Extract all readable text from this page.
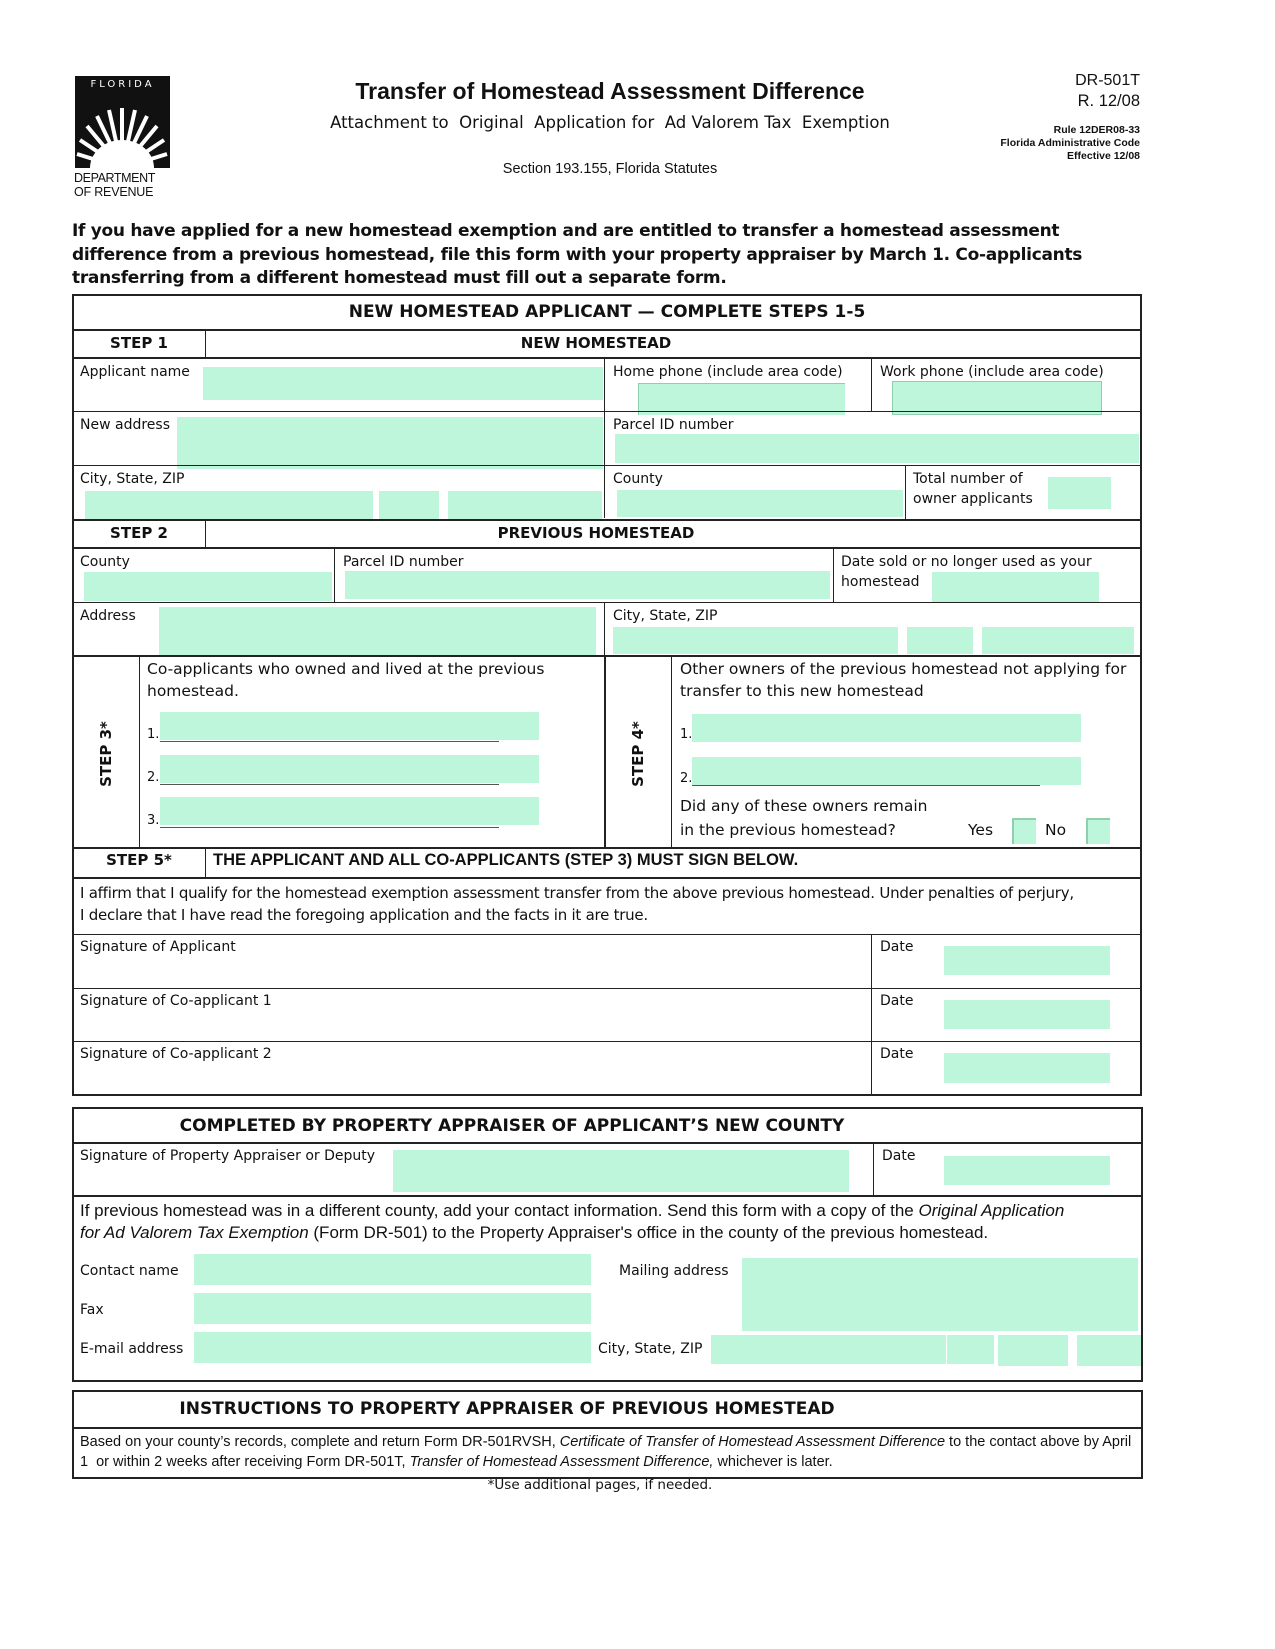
FLORIDA
DEPARTMENT
OF REVENUE
Transfer of Homestead Assessment Difference
Attachment to  Original  Application for  Ad Valorem Tax  Exemption
Section 193.155, Florida Statutes
DR-501T
R. 12/08
Rule 12DER08-33
Florida Administrative Code
Effective 12/08
If you have applied for a new homestead exemption and are entitled to transfer a homestead assessment
difference from a previous homestead, file this form with your property appraiser by March 1. Co-applicants
transferring from a different homestead must fill out a separate form.
NEW HOMESTEAD APPLICANT — COMPLETE STEPS 1-5
STEP 1	NEW HOMESTEAD
Applicant name	Home phone (include area code)	Work phone (include area code)
New address	Parcel ID number
City, State, ZIP	County	Total number of
owner applicants
STEP 2	PREVIOUS HOMESTEAD
County	Parcel ID number	Date sold or no longer used as your
homestead
Address	City, State, ZIP
STEP 3*
Co-applicants who owned and lived at the previous
homestead.
1.
2.
3.
STEP 4*
Other owners of the previous homestead not applying for
transfer to this new homestead
1.
2.
Did any of these owners remain
in the previous homestead?	Yes	No
STEP 5*	THE APPLICANT AND ALL CO-APPLICANTS (STEP 3) MUST SIGN BELOW.
I affirm that I qualify for the homestead exemption assessment transfer from the above previous homestead. Under penalties of perjury,
I declare that I have read the foregoing application and the facts in it are true.
Signature of Applicant	Date
Signature of Co-applicant 1	Date
Signature of Co-applicant 2	Date
COMPLETED BY PROPERTY APPRAISER OF APPLICANT’S NEW COUNTY
Signature of Property Appraiser or Deputy	Date
If previous homestead was in a different county, add your contact information. Send this form with a copy of the Original Application
for Ad Valorem Tax Exemption (Form DR-501) to the Property Appraiser's office in the county of the previous homestead.
Contact name
Fax
E-mail address
Mailing address
City, State, ZIP
INSTRUCTIONS TO PROPERTY APPRAISER OF PREVIOUS HOMESTEAD
Based on your county’s records, complete and return Form DR-501RVSH, Certificate of Transfer of Homestead Assessment Difference to the contact above by April
1  or within 2 weeks after receiving Form DR-501T, Transfer of Homestead Assessment Difference, whichever is later.
*Use additional pages, if needed.
